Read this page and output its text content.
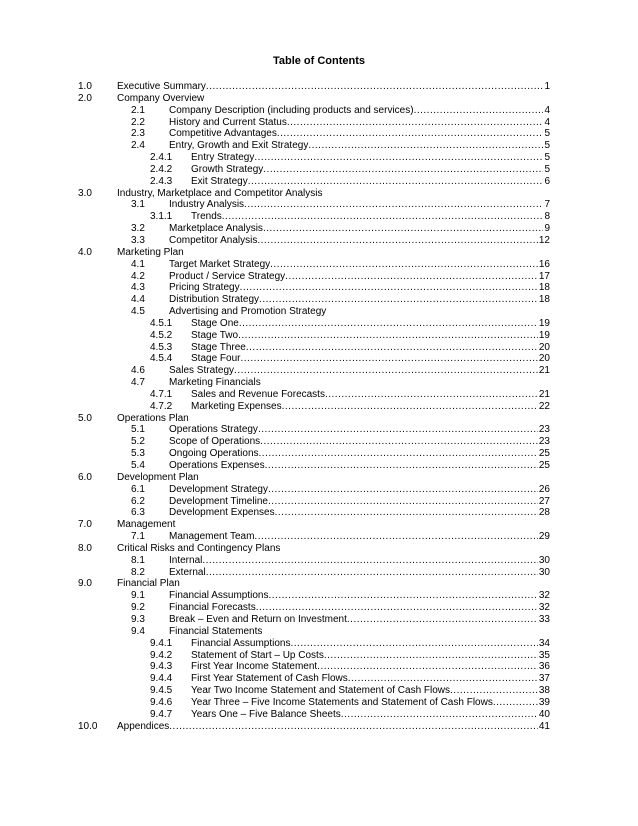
Table of Contents
1.0	Executive Summary .....	1
2.0	Company Overview
2.1 Company Description (including products and services) .....	4
2.2 History and Current Status .....	4
2.3 Competitive Advantages .....	5
2.4 Entry, Growth and Exit Strategy .....	5
2.4.1 Entry Strategy .....	5
2.4.2 Growth Strategy .....	5
2.4.3 Exit Strategy .....	6
3.0	Industry, Marketplace and Competitor Analysis
3.1 Industry Analysis .....	7
3.1.1 Trends .....	8
3.2 Marketplace Analysis .....	9
3.3 Competitor Analysis .....	12
4.0	Marketing Plan
4.1 Target Market Strategy .....	16
4.2 Product / Service Strategy .....	17
4.3 Pricing Strategy .....	18
4.4 Distribution Strategy .....	18
4.5 Advertising and Promotion Strategy
4.5.1 Stage One .....	19
4.5.2 Stage Two .....	19
4.5.3 Stage Three .....	20
4.5.4 Stage Four .....	20
4.6 Sales Strategy .....	21
4.7 Marketing Financials
4.7.1 Sales and Revenue Forecasts .....	21
4.7.2 Marketing Expenses .....	22
5.0	Operations Plan
5.1 Operations Strategy .....	23
5.2 Scope of Operations .....	23
5.3 Ongoing Operations .....	25
5.4 Operations Expenses .....	25
6.0	Development Plan
6.1 Development Strategy .....	26
6.2 Development Timeline .....	27
6.3 Development Expenses .....	28
7.0	Management
7.1 Management Team .....	29
8.0	Critical Risks and Contingency Plans
8.1 Internal .....	30
8.2 External .....	30
9.0	Financial Plan
9.1 Financial Assumptions .....	32
9.2 Financial Forecasts .....	32
9.3 Break – Even and Return on Investment .....	33
9.4 Financial Statements
9.4.1 Financial Assumptions .....	34
9.4.2 Statement of Start – Up Costs .....	35
9.4.3 First Year Income Statement .....	36
9.4.4 First Year Statement of Cash Flows .....	37
9.4.5 Year Two Income Statement and Statement of Cash Flows .....	38
9.4.6 Year Three – Five Income Statements and Statement of Cash Flows .....	39
9.4.7 Years One – Five Balance Sheets .....	40
10.0 Appendices .....	41
